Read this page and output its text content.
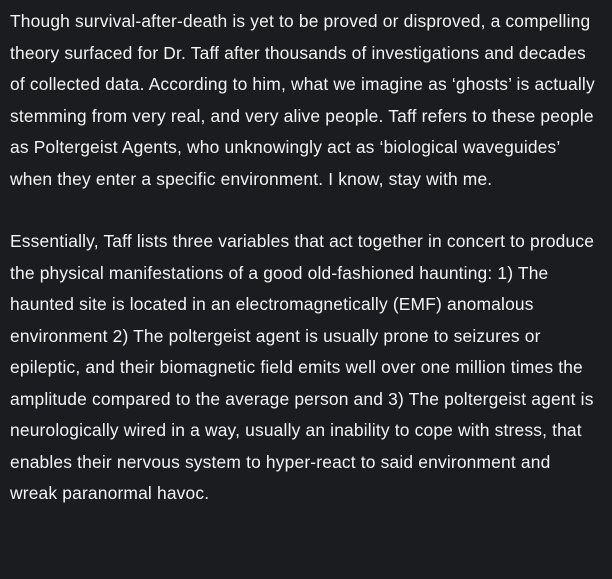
Though survival-after-death is yet to be proved or disproved, a compelling theory surfaced for Dr. Taff after thousands of investigations and decades of collected data. According to him, what we imagine as ‘ghosts’ is actually stemming from very real, and very alive people. Taff refers to these people as Poltergeist Agents, who unknowingly act as ‘biological waveguides’ when they enter a specific environment. I know, stay with me.

Essentially, Taff lists three variables that act together in concert to produce the physical manifestations of a good old-fashioned haunting: 1) The haunted site is located in an electromagnetically (EMF) anomalous environment 2) The poltergeist agent is usually prone to seizures or epileptic, and their biomagnetic field emits well over one million times the amplitude compared to the average person and 3) The poltergeist agent is neurologically wired in a way, usually an inability to cope with stress, that enables their nervous system to hyper-react to said environment and wreak paranormal havoc.
